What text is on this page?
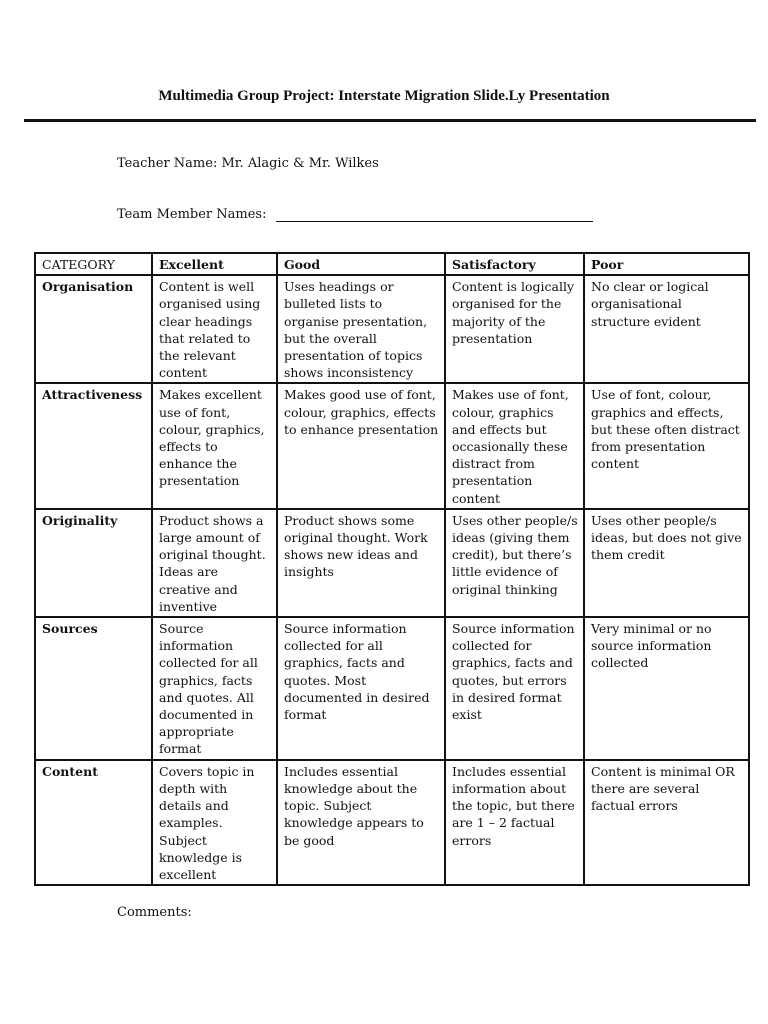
Multimedia Group Project: Interstate Migration Slide.Ly Presentation
Teacher Name: Mr. Alagic & Mr. Wilkes
Team Member Names:
CATEGORY	Excellent	Good	Satisfactory	Poor
Organisation	Content is well organised using clear headings that related to the relevant content	Uses headings or bulleted lists to organise presentation, but the overall presentation of topics shows inconsistency	Content is logically organised for the majority of the presentation	No clear or logical organisational structure evident
Attractiveness	Makes excellent use of font, colour, graphics, effects to enhance the presentation	Makes good use of font, colour, graphics, effects to enhance presentation	Makes use of font, colour, graphics and effects but occasionally these distract from presentation content	Use of font, colour, graphics and effects, but these often distract from presentation content
Originality	Product shows a large amount of original thought. Ideas are creative and inventive	Product shows some original thought. Work shows new ideas and insights	Uses other people/s ideas (giving them credit), but there’s little evidence of original thinking	Uses other people/s ideas, but does not give them credit
Sources	Source information collected for all graphics, facts and quotes. All documented in appropriate format	Source information collected for all graphics, facts and quotes. Most documented in desired format	Source information collected for graphics, facts and quotes, but errors in desired format exist	Very minimal or no source information collected
Content	Covers topic in depth with details and examples. Subject knowledge is excellent	Includes essential knowledge about the topic. Subject knowledge appears to be good	Includes essential information about the topic, but there are 1 – 2 factual errors	Content is minimal OR there are several factual errors
Comments:
